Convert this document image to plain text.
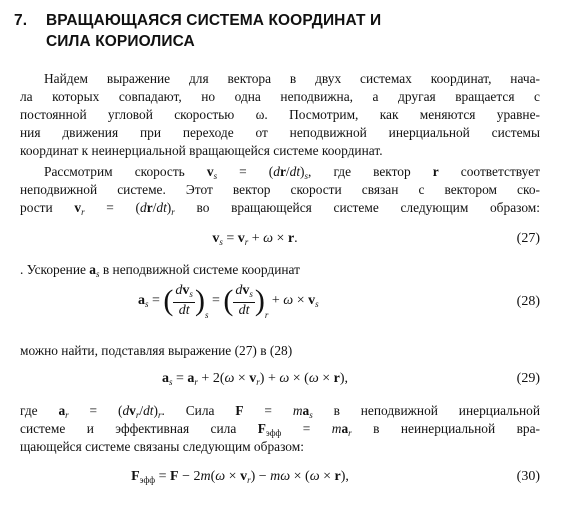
7. ВРАЩАЮЩАЯСЯ СИСТЕМА КООРДИНАТ И
СИЛА КОРИОЛИСА
Найдем выражение для вектора в двух системах координат, нача-
ла которых совпадают, но одна неподвижна, а другая вращается с
постоянной угловой скоростью ω. Посмотрим, как меняются уравне-
ния движения при переходе от неподвижной инерциальной системы
координат к неинерциальной вращающейся системе координат.
Рассмотрим скорость $v_s = (dr/dt)_s$, где вектор r соответствует
неподвижной системе. Этот вектор скорости связан с вектором ско-
рости $v_r = (dr/dt)_r$ во вращающейся системе следующим образом:
$v_s = v_r + \omega \times r$.	(27)
. Ускорение $a_s$ в неподвижной системе координат
$a_s$ = ( $\frac{dv_s}{dt} )_s$ = ( $\frac{dv_s}{dt} )_r + \omega \times v_s$	(28)
можно найти, подставляя выражение (27) в (28)
$a_s = a_r + 2(\omega \times v_r) + \omega \times (\omega \times r)$,	(29)
где $a_r = (dv_r/dt)_r$. Сила $F = ma_s$ в неподвижной инерциальной
системе и эффективная сила $F_{эфф} = ma_r$ в неинерциальной вра-
щающейся системе связаны следующим образом:
$F_{эфф} = F - 2m(\omega \times v_r) - m\omega \times (\omega \times r)$,	(30)
